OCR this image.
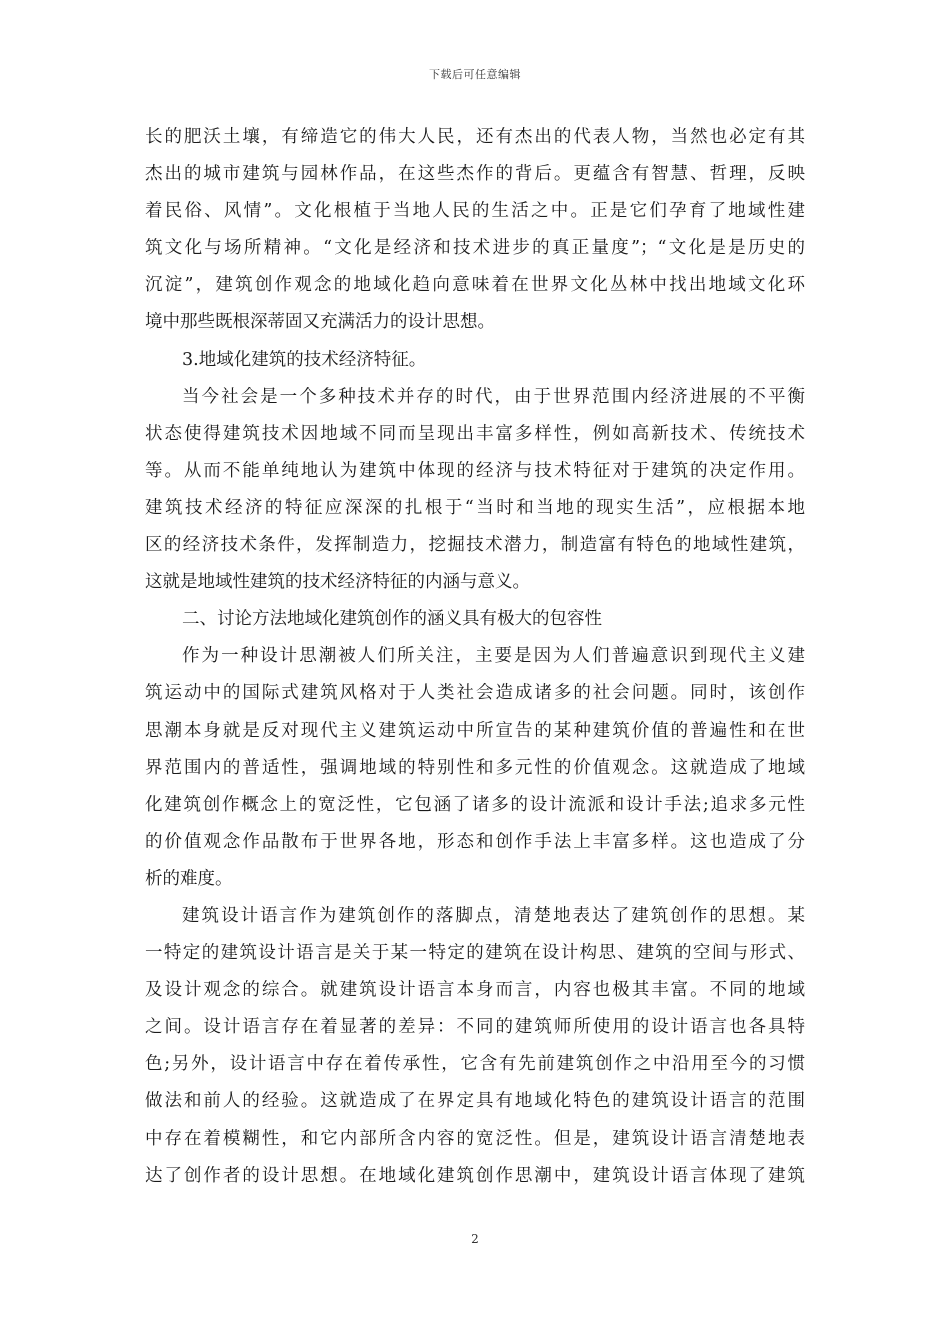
下载后可任意编辑
长的肥沃土壤，有缔造它的伟大人民，还有杰出的代表人物，当然也必定有其
杰出的城市建筑与园林作品，在这些杰作的背后。更蕴含有智慧、哲理，反映
着民俗、风情”。文化根植于当地人民的生活之中。正是它们孕育了地域性建
筑文化与场所精神。“文化是经济和技术进步的真正量度”；“文化是是历史的
沉淀”，建筑创作观念的地域化趋向意味着在世界文化丛林中找出地域文化环
境中那些既根深蒂固又充满活力的设计思想。
3.地域化建筑的技术经济特征。
当今社会是一个多种技术并存的时代，由于世界范围内经济进展的不平衡
状态使得建筑技术因地域不同而呈现出丰富多样性，例如高新技术、传统技术
等。从而不能单纯地认为建筑中体现的经济与技术特征对于建筑的决定作用。
建筑技术经济的特征应深深的扎根于“当时和当地的现实生活”，应根据本地
区的经济技术条件，发挥制造力，挖掘技术潜力，制造富有特色的地域性建筑，
这就是地域性建筑的技术经济特征的内涵与意义。
二、讨论方法地域化建筑创作的涵义具有极大的包容性
作为一种设计思潮被人们所关注，主要是因为人们普遍意识到现代主义建
筑运动中的国际式建筑风格对于人类社会造成诸多的社会问题。同时，该创作
思潮本身就是反对现代主义建筑运动中所宣告的某种建筑价值的普遍性和在世
界范围内的普适性，强调地域的特别性和多元性的价值观念。这就造成了地域
化建筑创作概念上的宽泛性，它包涵了诸多的设计流派和设计手法;追求多元性
的价值观念作品散布于世界各地，形态和创作手法上丰富多样。这也造成了分
析的难度。
建筑设计语言作为建筑创作的落脚点，清楚地表达了建筑创作的思想。某
一特定的建筑设计语言是关于某一特定的建筑在设计构思、建筑的空间与形式、
及设计观念的综合。就建筑设计语言本身而言，内容也极其丰富。不同的地域
之间。设计语言存在着显著的差异：不同的建筑师所使用的设计语言也各具特
色;另外，设计语言中存在着传承性，它含有先前建筑创作之中沿用至今的习惯
做法和前人的经验。这就造成了在界定具有地域化特色的建筑设计语言的范围
中存在着模糊性，和它内部所含内容的宽泛性。但是，建筑设计语言清楚地表
达了创作者的设计思想。在地域化建筑创作思潮中，建筑设计语言体现了建筑
2
